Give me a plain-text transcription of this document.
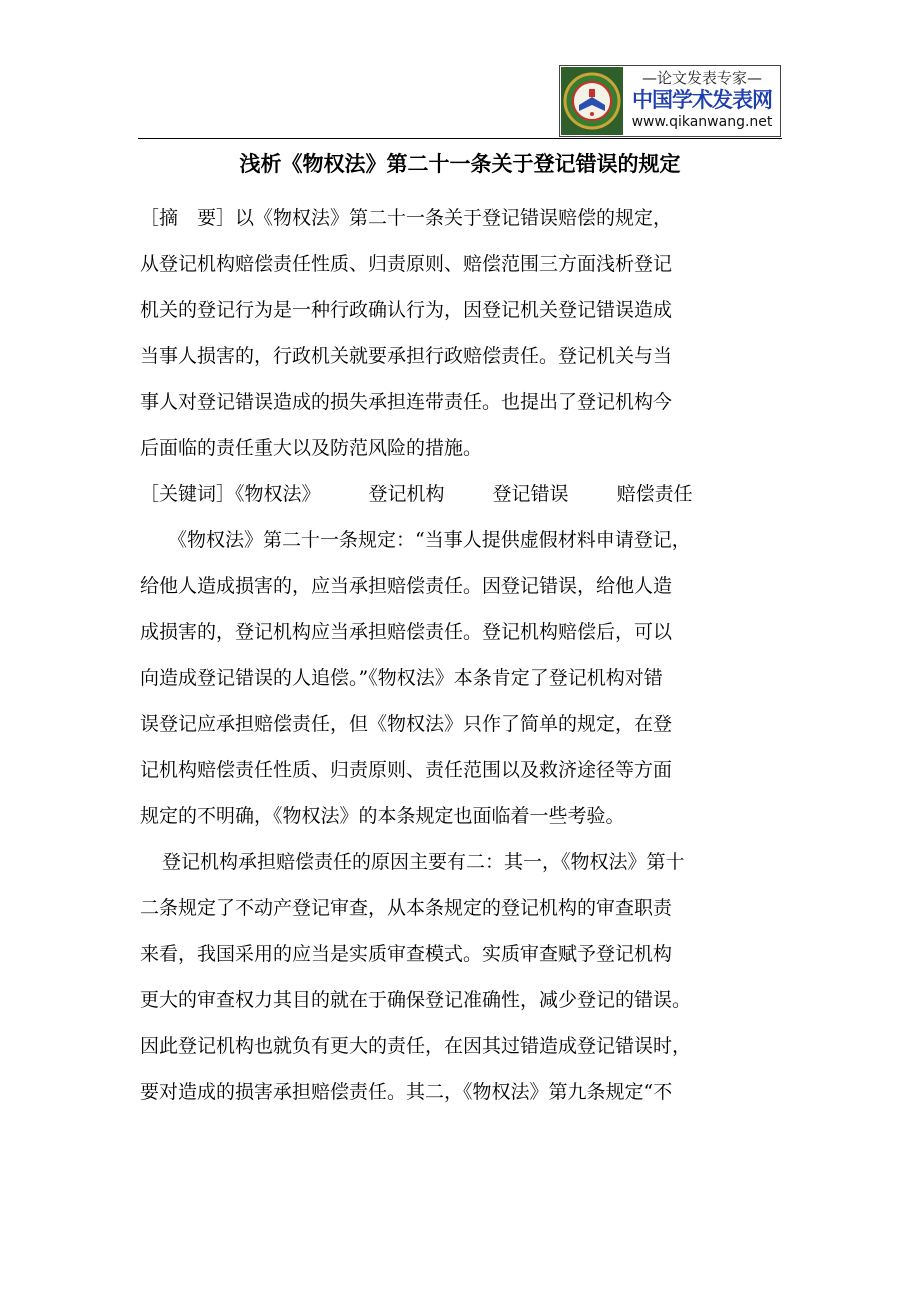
—论文发表专家—
中国学术发表网
www.qikanwang.net
浅析《物权法》第二十一条关于登记错误的规定
［摘　要］以《物权法》第二十一条关于登记错误赔偿的规定，
从登记机构赔偿责任性质、归责原则、赔偿范围三方面浅析登记
机关的登记行为是一种行政确认行为，因登记机关登记错误造成
当事人损害的，行政机关就要承担行政赔偿责任。登记机关与当
事人对登记错误造成的损失承担连带责任。也提出了登记机构今
后面临的责任重大以及防范风险的措施。
［关键词］《物权法》	登记机构	登记错误	赔偿责任
《物权法》第二十一条规定：“当事人提供虚假材料申请登记，
给他人造成损害的，应当承担赔偿责任。因登记错误，给他人造
成损害的，登记机构应当承担赔偿责任。登记机构赔偿后，可以
向造成登记错误的人追偿。”《物权法》本条肯定了登记机构对错
误登记应承担赔偿责任，但《物权法》只作了简单的规定，在登
记机构赔偿责任性质、归责原则、责任范围以及救济途径等方面
规定的不明确，《物权法》的本条规定也面临着一些考验。
登记机构承担赔偿责任的原因主要有二：其一，《物权法》第十
二条规定了不动产登记审查，从本条规定的登记机构的审查职责
来看，我国采用的应当是实质审查模式。实质审查赋予登记机构
更大的审查权力其目的就在于确保登记准确性，减少登记的错误。
因此登记机构也就负有更大的责任，在因其过错造成登记错误时，
要对造成的损害承担赔偿责任。其二，《物权法》第九条规定“不
